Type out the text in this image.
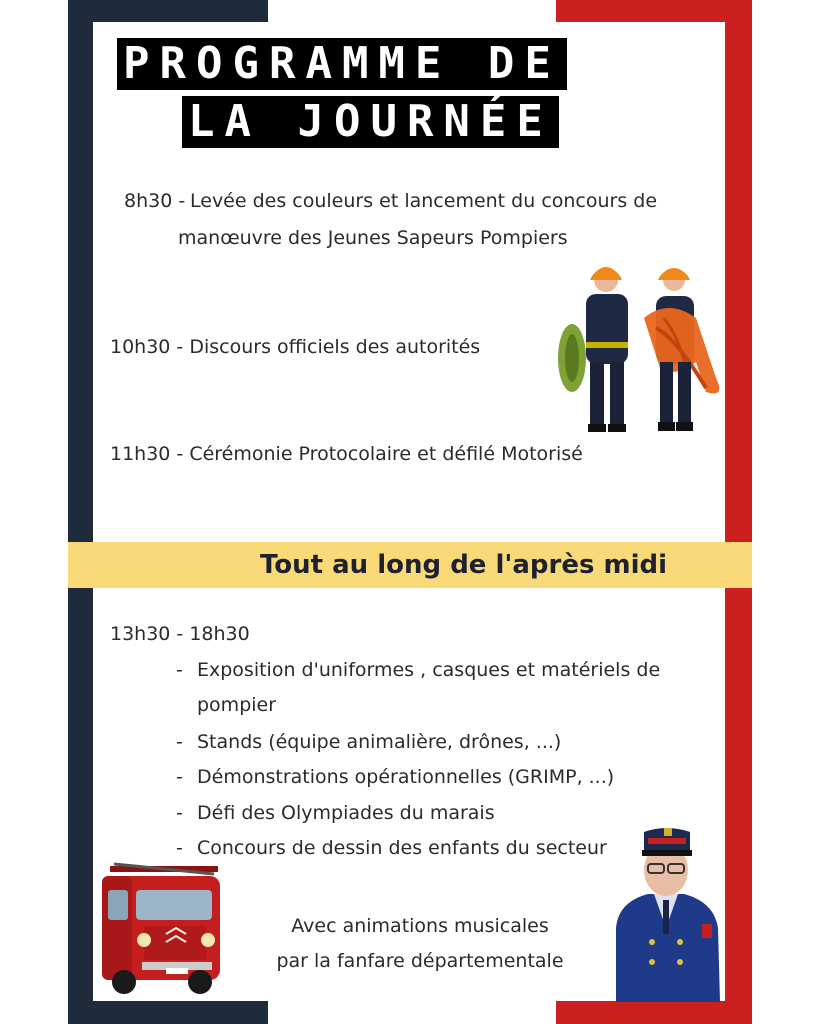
PROGRAMME DE
LA JOURNÉE
8h30 - Levée des couleurs et lancement du concours de
manœuvre des Jeunes Sapeurs Pompiers
10h30 - Discours officiels des autorités
11h30 - Cérémonie Protocolaire et défilé Motorisé
Tout au long de l'après midi
13h30 - 18h30
- Exposition d'uniformes , casques et matériels de
pompier
- Stands (équipe animalière, drônes, ...)
- Démonstrations opérationnelles (GRIMP, ...)
- Défi des Olympiades du marais
- Concours de dessin des enfants du secteur
Avec animations musicales
par la fanfare départementale
